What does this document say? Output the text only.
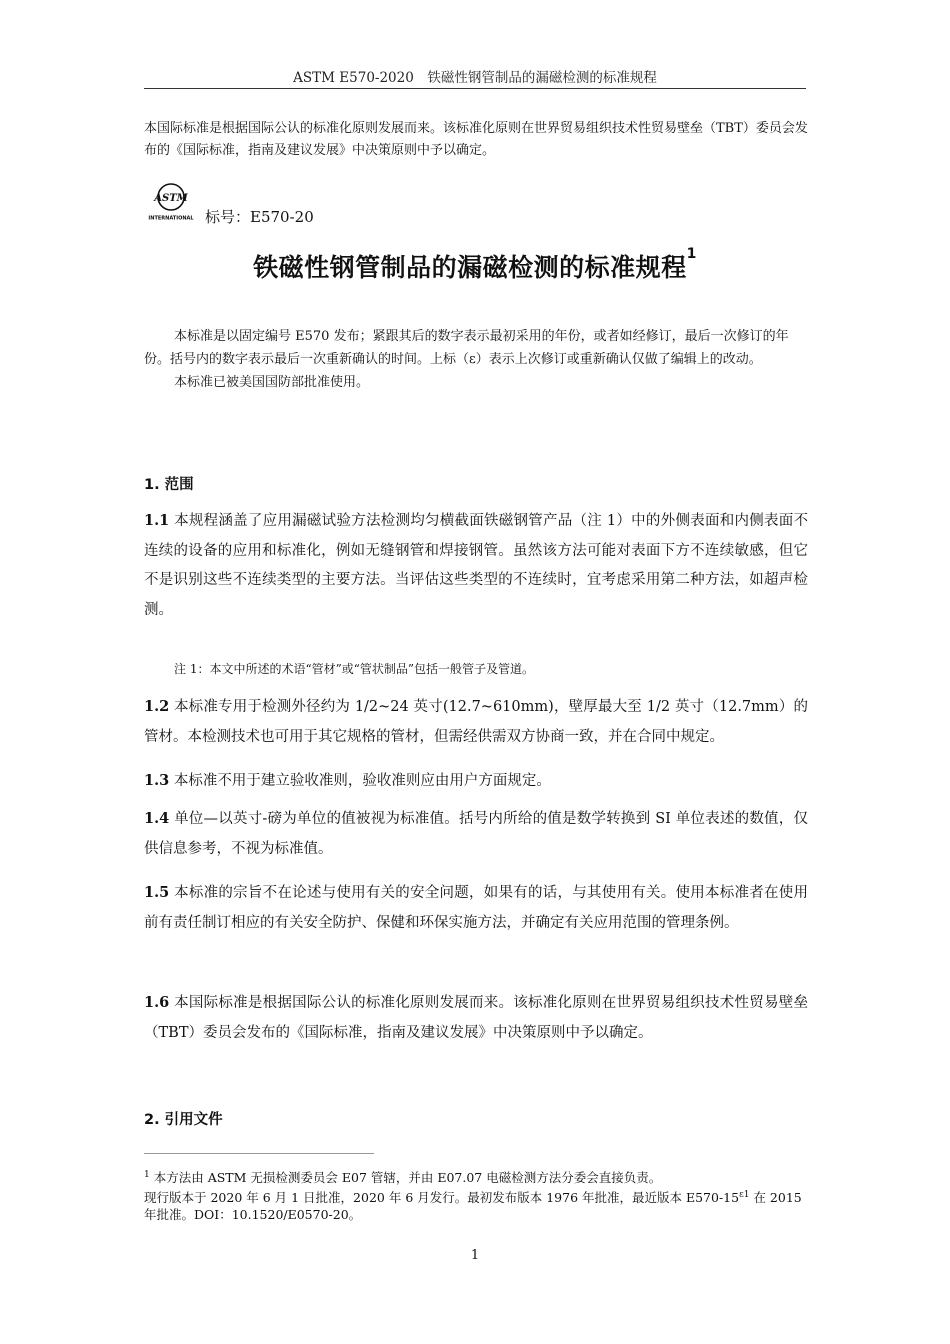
ASTM E570-2020　铁磁性钢管制品的漏磁检测的标准规程
本国际标准是根据国际公认的标准化原则发展而来。该标准化原则在世界贸易组织技术性贸易壁垒（TBT）委员会发布的《国际标准，指南及建议发展》中决策原则中予以确定。
ASTM
INTERNATIONAL 标号：E570-20
铁磁性钢管制品的漏磁检测的标准规程$^1$

本标准是以固定编号 E570 发布；紧跟其后的数字表示最初采用的年份，或者如经修订，最后一次修订的年份。括号内的数字表示最后一次重新确认的时间。上标（ε）表示上次修订或重新确认仅做了编辑上的改动。

本标准已被美国国防部批准使用。

1. 范围
1.1 本规程涵盖了应用漏磁试验方法检测均匀横截面铁磁钢管产品（注 1）中的外侧表面和内侧表面不连续的设备的应用和标准化，例如无缝钢管和焊接钢管。虽然该方法可能对表面下方不连续敏感，但它不是识别这些不连续类型的主要方法。当评估这些类型的不连续时，宜考虑采用第二种方法，如超声检测。
注 1：本文中所述的术语“管材”或“管状制品”包括一般管子及管道。
1.2 本标准专用于检测外径约为 1/2~24 英寸(12.7~610mm)，壁厚最大至 1/2 英寸（12.7mm）的管材。本检测技术也可用于其它规格的管材，但需经供需双方协商一致，并在合同中规定。
1.3 本标准不用于建立验收准则，验收准则应由用户方面规定。
1.4 单位—以英寸-磅为单位的值被视为标准值。括号内所给的值是数学转换到 SI 单位表述的数值，仅供信息参考，不视为标准值。
1.5 本标准的宗旨不在论述与使用有关的安全问题，如果有的话，与其使用有关。使用本标准者在使用前有责任制订相应的有关安全防护、保健和环保实施方法，并确定有关应用范围的管理条例。
1.6 本国际标准是根据国际公认的标准化原则发展而来。该标准化原则在世界贸易组织技术性贸易壁垒（TBT）委员会发布的《国际标准，指南及建议发展》中决策原则中予以确定。
2. 引用文件
$^1$ 本方法由 ASTM 无损检测委员会 E07 管辖，并由 E07.07 电磁检测方法分委会直接负责。
现行版本于 2020 年 6 月 1 日批准，2020 年 6 月发行。最初发布版本 1976 年批准，最近版本 $E570-15^{\varepsilon 1}$ 在 2015 年批准。DOI：10.1520/E0570-20。
1
